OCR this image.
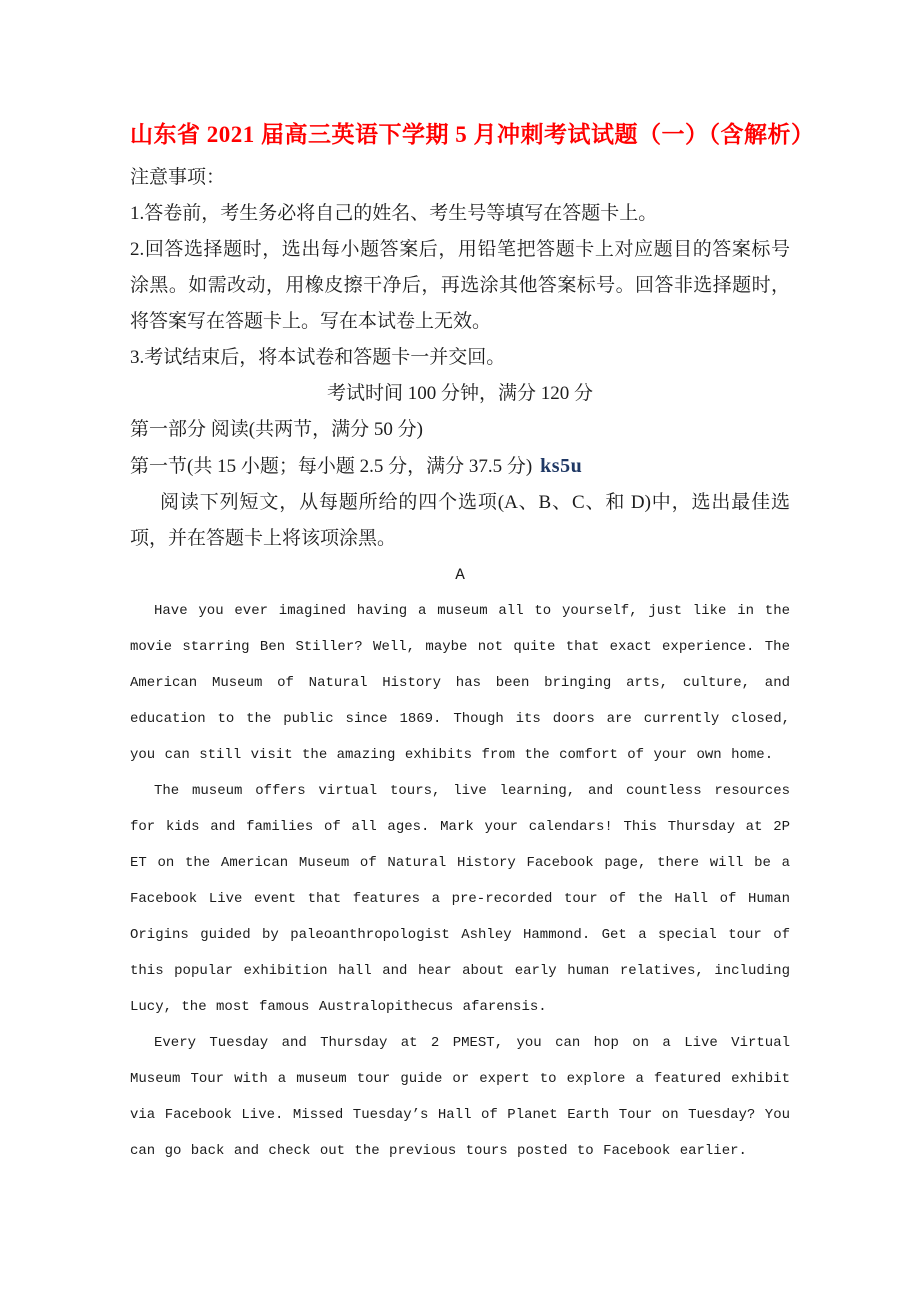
山东省 2021 届高三英语下学期 5 月冲刺考试试题（一）（含解析）

注意事项：

1.答卷前，考生务必将自己的姓名、考生号等填写在答题卡上。

2.回答选择题时，选出每小题答案后，用铅笔把答题卡上对应题目的答案标号涂黑。如需改动，用橡皮擦干净后，再选涂其他答案标号。回答非选择题时，将答案写在答题卡上。写在本试卷上无效。

3.考试结束后，将本试卷和答题卡一并交回。

考试时间 100 分钟，满分 120 分

第一部分 阅读(共两节，满分 50 分)

第一节(共 15 小题；每小题 2.5 分，满分 37.5 分) ks5u

阅读下列短文，从每题所给的四个选项(A、B、C、和 D)中，选出最佳选项，并在答题卡上将该项涂黑。

A

Have you ever imagined having a museum all to yourself, just like in the movie starring Ben Stiller? Well, maybe not quite that exact experience. The American Museum of Natural History has been bringing arts, culture, and education to the public since 1869. Though its doors are currently closed, you can still visit the amazing exhibits from the comfort of your own home.

The museum offers virtual tours, live learning, and countless resources for kids and families of all ages. Mark your calendars! This Thursday at 2P ET on the American Museum of Natural History Facebook page, there will be a Facebook Live event that features a pre-recorded tour of the Hall of Human Origins guided by paleoanthropologist Ashley Hammond. Get a special tour of this popular exhibition hall and hear about early human relatives, including Lucy, the most famous Australopithecus afarensis.

Every Tuesday and Thursday at 2 PMEST, you can hop on a Live Virtual Museum Tour with a museum tour guide or expert to explore a featured exhibit via Facebook Live. Missed Tuesday’s Hall of Planet Earth Tour on Tuesday? You can go back and check out the previous tours posted to Facebook earlier.
